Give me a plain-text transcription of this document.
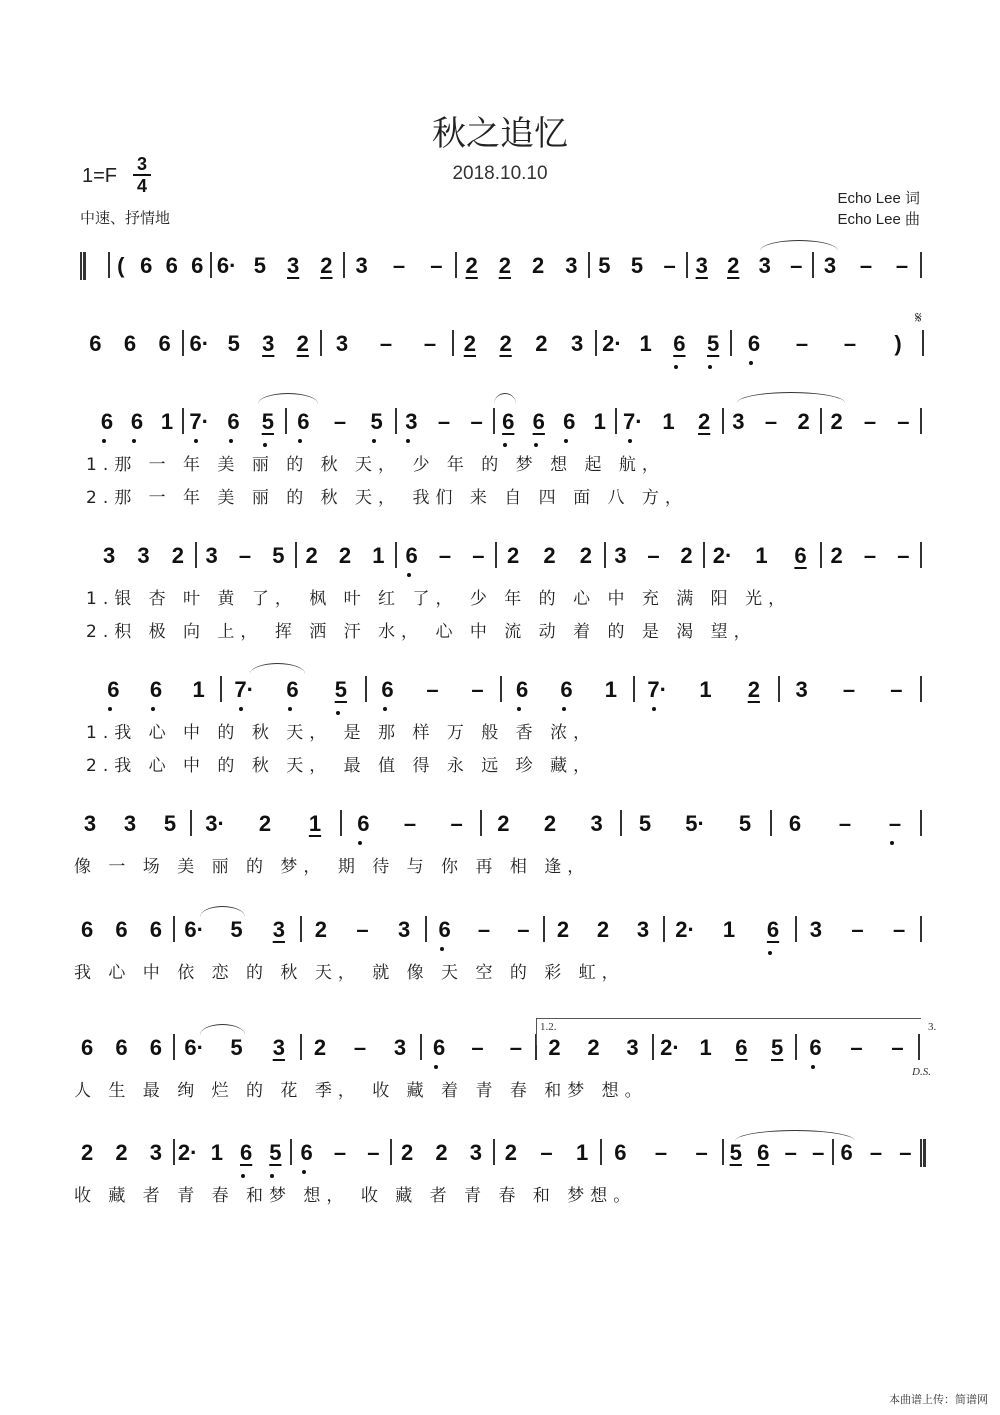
秋之追忆
2018.10.10
1=F
3
4
中速、抒情地
Echo Lee 词
Echo Lee 曲
( 6 6 6 6· 5 3 2 3 – – 2 2 2 3 5 5 – 3 2 3 – 3 – –
6 6 6 6· 5 3 2 3 – – 2 2 2 3 2· 1 6 5 6 – – )
𝄋
6 6 1 7· 6 5 6 – 5 3 – – 6 6 6 1 7· 1 2 3 – 2 2 – –
1.那 一 年 美 丽 的 秋 天， 少 年 的 梦 想 起 航，
2.那 一 年 美 丽 的 秋 天， 我们 来 自 四 面 八 方，
3 3 2 3 – 5 2 2 1 6 – – 2 2 2 3 – 2 2· 1 6 2 – –
1.银 杏 叶 黄 了， 枫 叶 红 了， 少 年 的 心 中 充 满 阳 光，
2.积 极 向 上， 挥 洒 汗 水， 心 中 流 动 着 的 是 渴 望，
6 6 1 7· 6 5 6 – – 6 6 1 7· 1 2 3 – –
1.我 心 中 的 秋 天， 是 那 样 万 般 香 浓，
2.我 心 中 的 秋 天， 最 值 得 永 远 珍 藏，
3 3 5 3· 2 1 6 – – 2 2 3 5 5· 5 6 – –
像 一 场 美 丽 的 梦， 期 待 与 你 再 相 逢，
6 6 6 6· 5 3 2 – 3 6 – – 2 2 3 2· 1 6 3 – –
我 心 中 依 恋 的 秋 天， 就 像 天 空 的 彩 虹，
6 6 6 6· 5 3 2 – 3 6 – – 2 2 3 2· 1 6 5 6 – –
人 生 最 绚 烂 的 花 季， 收 藏 着 青 春 和梦 想。
1.2.	3.
D.S.
2 2 3 2· 1 6 5 6 – – 2 2 3 2 – 1 6 – – 5 6 – – 6 – –
收 藏 者 青 春 和梦 想， 收 藏 者 青 春 和 梦想。
本曲谱上传：简谱网
